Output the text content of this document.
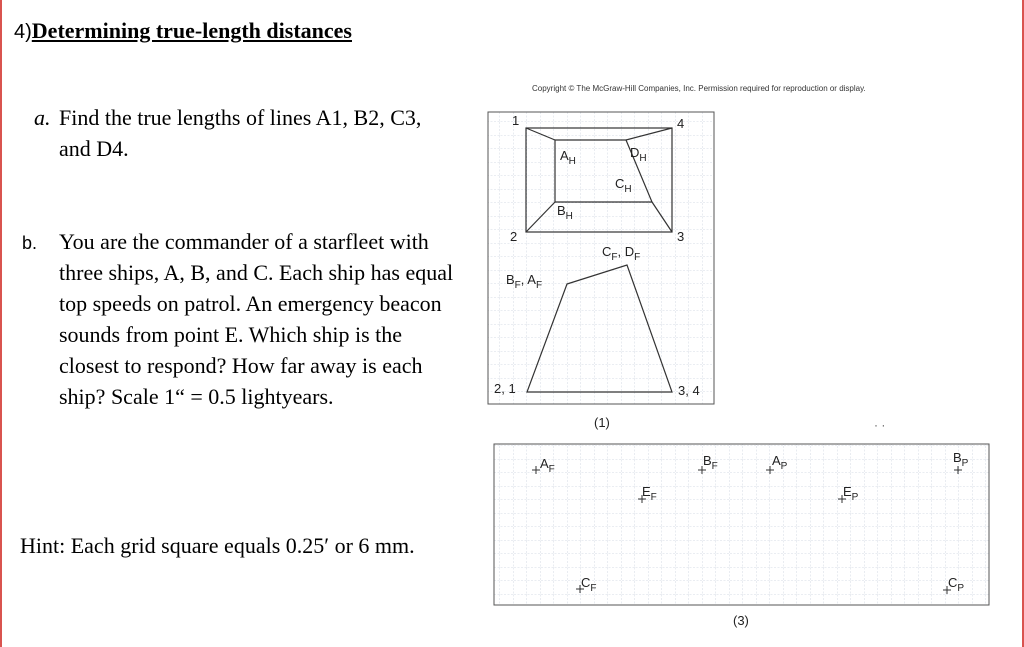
4)Determining true-length distances
a. Find the true lengths of lines A1, B2, C3, and D4.
b. You are the commander of a starfleet with three ships, A, B, and C. Each ship has equal top speeds on patrol. An emergency beacon sounds from point E. Which ship is the closest to respond? How far away is each ship? Scale 1“ = 0.5 lightyears.
Hint: Each grid square equals 0.25′ or 6 mm.
Copyright © The McGraw-Hill Companies, Inc. Permission required for reproduction or display.
1	4
2	3
$A_H$
$D_H$
$C_H$
$B_H$
$C_F$, $D_F$
$B_F$, $A_F$
2, 1	3, 4
(1)	· ·
$A_F$
$B_F$	$A_P$
$B_P$
$E_F$	$E_P$
$C_F$	$C_P$
(3)
